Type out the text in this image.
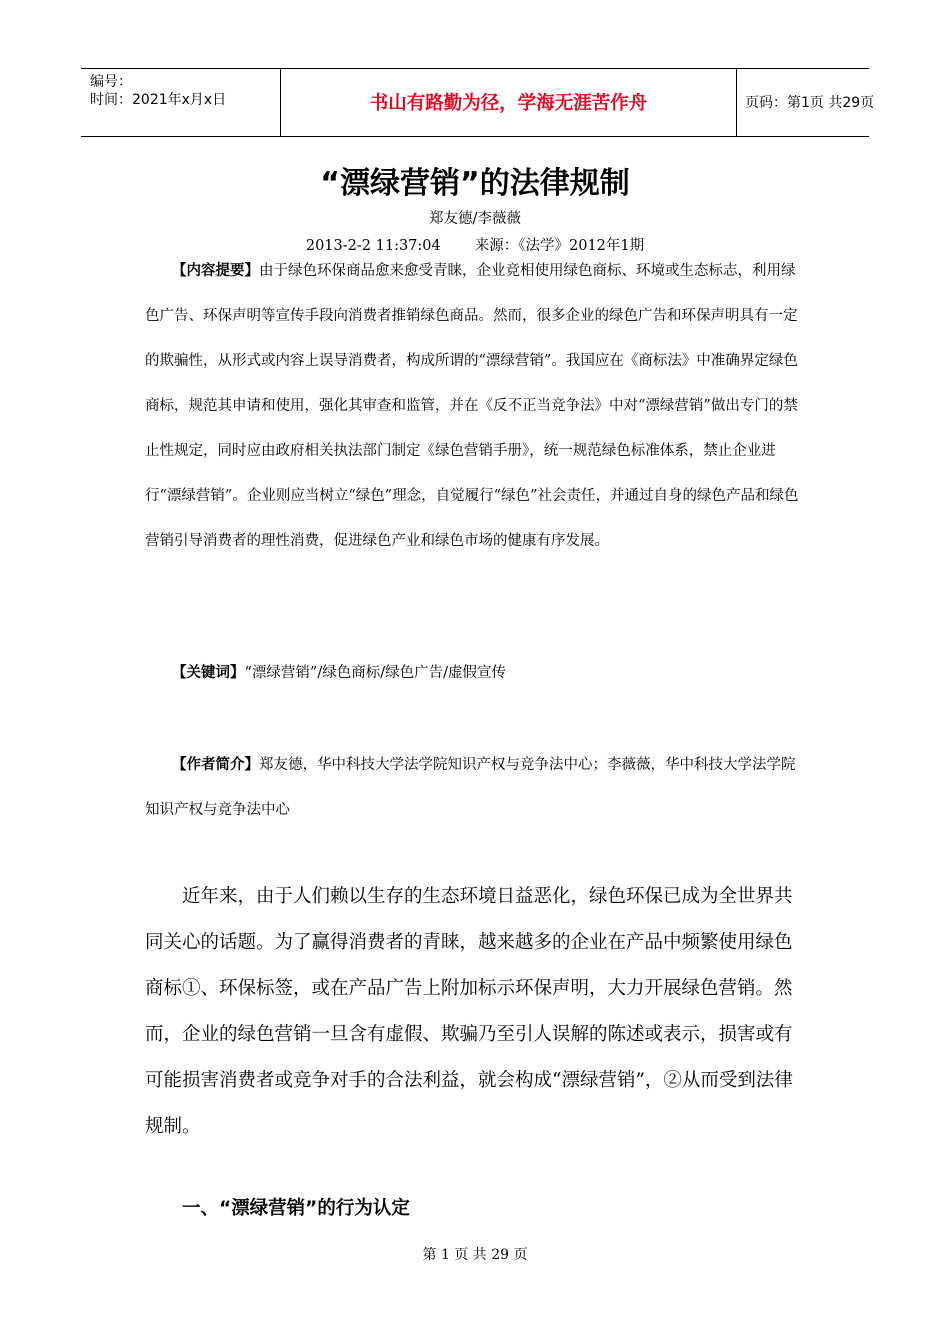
编号：
时间：2021年x月x日	书山有路勤为径，学海无涯苦作舟	页码：第1页 共29页
“漂绿营销”的法律规制
郑友德/李薇薇
2013-2-2 11:37:04 来源：《法学》2012年1期

【内容提要】由于绿色环保商品愈来愈受青睐，企业竞相使用绿色商标、环境或生态标志，利用绿色广告、环保声明等宣传手段向消费者推销绿色商品。然而，很多企业的绿色广告和环保声明具有一定的欺骗性，从形式或内容上误导消费者，构成所谓的“漂绿营销”。我国应在《商标法》中准确界定绿色商标，规范其申请和使用，强化其审查和监管，并在《反不正当竞争法》中对“漂绿营销”做出专门的禁止性规定，同时应由政府相关执法部门制定《绿色营销手册》，统一规范绿色标准体系，禁止企业进行“漂绿营销”。企业则应当树立“绿色”理念，自觉履行“绿色”社会责任，并通过自身的绿色产品和绿色营销引导消费者的理性消费，促进绿色产业和绿色市场的健康有序发展。

【关键词】“漂绿营销”/绿色商标/绿色广告/虚假宣传

【作者简介】郑友德，华中科技大学法学院知识产权与竞争法中心；李薇薇，华中科技大学法学院知识产权与竞争法中心

近年来，由于人们赖以生存的生态环境日益恶化，绿色环保已成为全世界共同关心的话题。为了赢得消费者的青睐，越来越多的企业在产品中频繁使用绿色商标①、环保标签，或在产品广告上附加标示环保声明，大力开展绿色营销。然而，企业的绿色营销一旦含有虚假、欺骗乃至引人误解的陈述或表示，损害或有可能损害消费者或竞争对手的合法利益，就会构成“漂绿营销”，②从而受到法律规制。

一、“漂绿营销”的行为认定
第 1 页 共 29 页
